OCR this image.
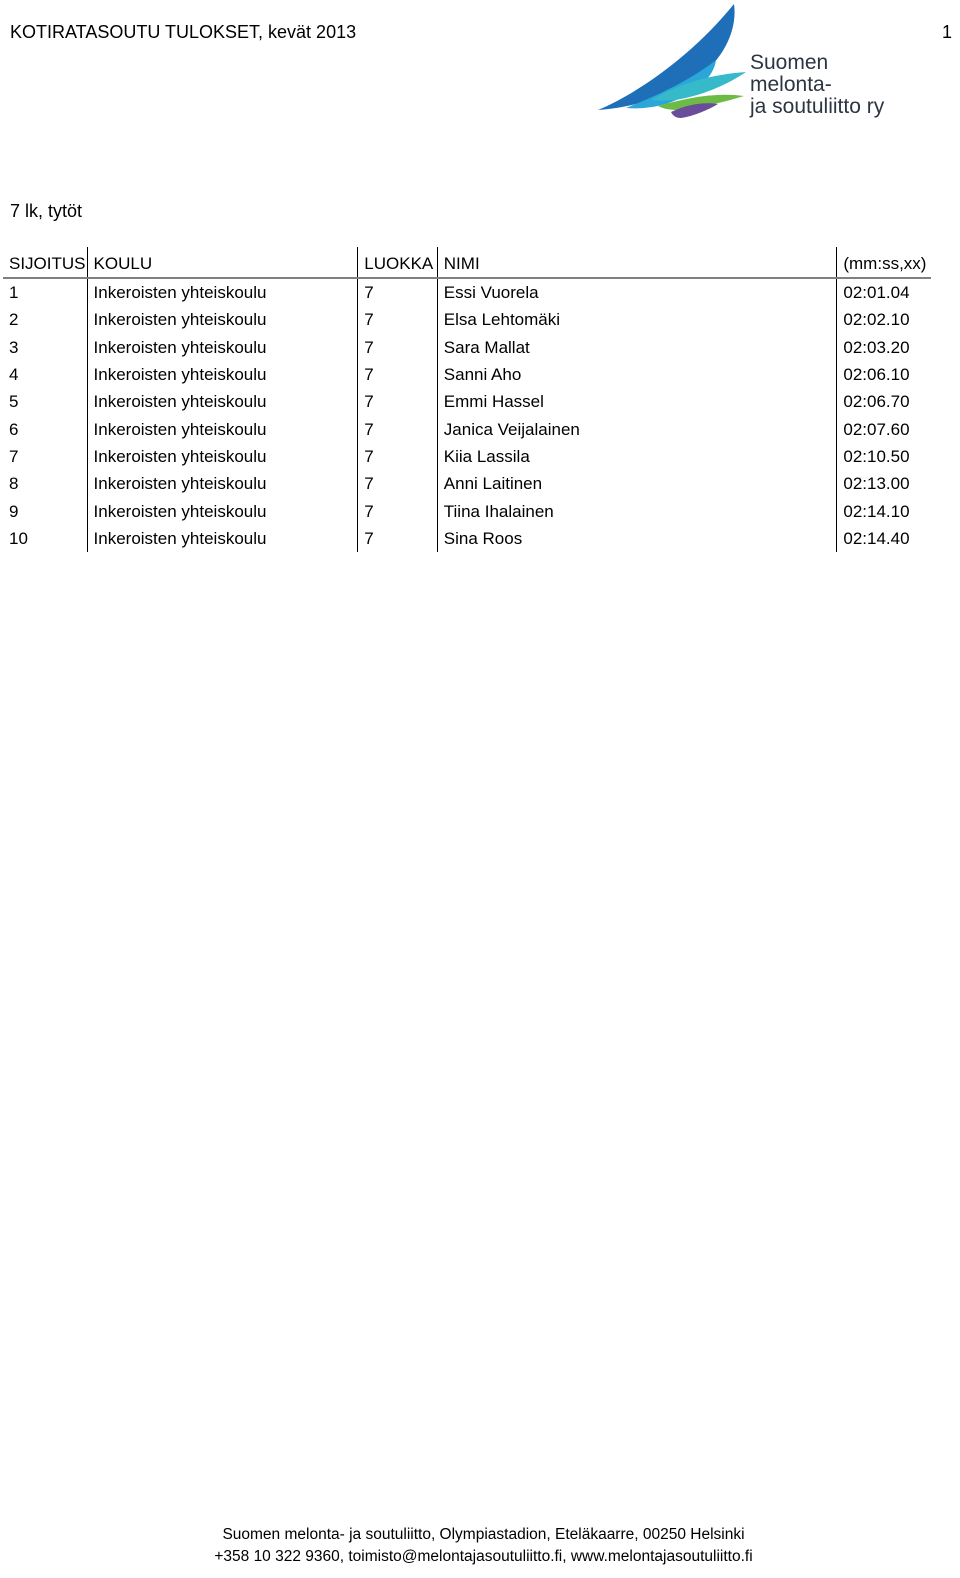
KOTIRATASOUTU TULOKSET, kevät 2013	1
Suomen
melonta-
ja soutuliitto ry
7 lk, tytöt
SIJOITUS	KOULU	LUOKKA	NIMI	(mm:ss,xx)
1	Inkeroisten yhteiskoulu	7	Essi Vuorela	02:01.04
2	Inkeroisten yhteiskoulu	7	Elsa Lehtomäki	02:02.10
3	Inkeroisten yhteiskoulu	7	Sara Mallat	02:03.20
4	Inkeroisten yhteiskoulu	7	Sanni Aho	02:06.10
5	Inkeroisten yhteiskoulu	7	Emmi Hassel	02:06.70
6	Inkeroisten yhteiskoulu	7	Janica Veijalainen	02:07.60
7	Inkeroisten yhteiskoulu	7	Kiia Lassila	02:10.50
8	Inkeroisten yhteiskoulu	7	Anni Laitinen	02:13.00
9	Inkeroisten yhteiskoulu	7	Tiina Ihalainen	02:14.10
10	Inkeroisten yhteiskoulu	7	Sina Roos	02:14.40
Suomen melonta- ja soutuliitto, Olympiastadion, Eteläkaarre, 00250 Helsinki
+358 10 322 9360, toimisto@melontajasoutuliitto.fi, www.melontajasoutuliitto.fi
